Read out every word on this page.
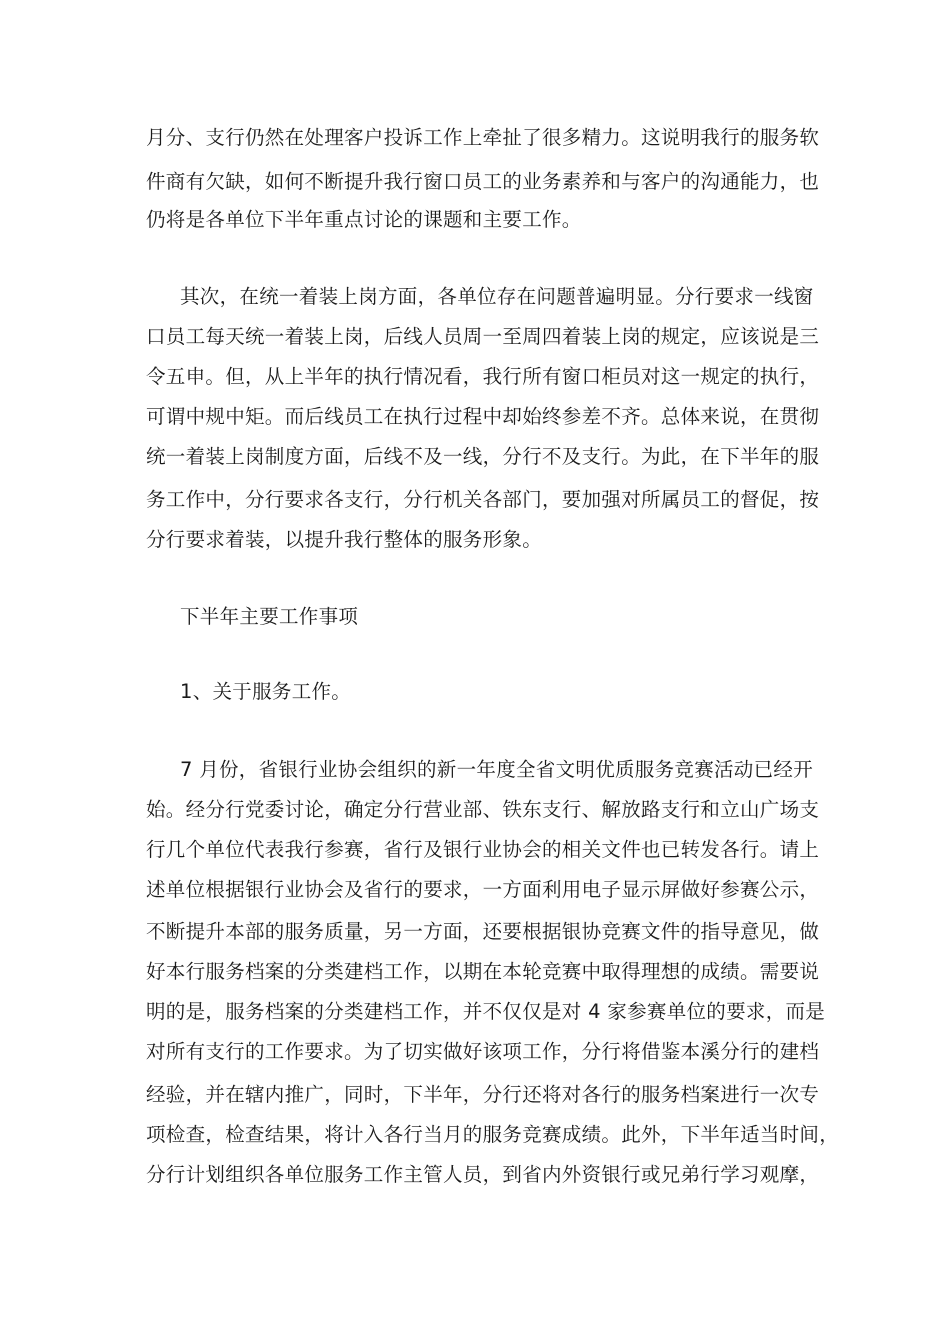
月分、支行仍然在处理客户投诉工作上牵扯了很多精力。这说明我行的服务软
件商有欠缺，如何不断提升我行窗口员工的业务素养和与客户的沟通能力，也
仍将是各单位下半年重点讨论的课题和主要工作。
其次，在统一着装上岗方面，各单位存在问题普遍明显。分行要求一线窗
口员工每天统一着装上岗，后线人员周一至周四着装上岗的规定，应该说是三
令五申。但，从上半年的执行情况看，我行所有窗口柜员对这一规定的执行，
可谓中规中矩。而后线员工在执行过程中却始终参差不齐。总体来说，在贯彻
统一着装上岗制度方面，后线不及一线，分行不及支行。为此，在下半年的服
务工作中，分行要求各支行，分行机关各部门，要加强对所属员工的督促，按
分行要求着装，以提升我行整体的服务形象。
下半年主要工作事项
1、关于服务工作。
7 月份，省银行业协会组织的新一年度全省文明优质服务竞赛活动已经开
始。经分行党委讨论，确定分行营业部、铁东支行、解放路支行和立山广场支
行几个单位代表我行参赛，省行及银行业协会的相关文件也已转发各行。请上
述单位根据银行业协会及省行的要求，一方面利用电子显示屏做好参赛公示，
不断提升本部的服务质量，另一方面，还要根据银协竞赛文件的指导意见，做
好本行服务档案的分类建档工作，以期在本轮竞赛中取得理想的成绩。需要说
明的是，服务档案的分类建档工作，并不仅仅是对 4 家参赛单位的要求，而是
对所有支行的工作要求。为了切实做好该项工作，分行将借鉴本溪分行的建档
经验，并在辖内推广，同时，下半年，分行还将对各行的服务档案进行一次专
项检查，检查结果，将计入各行当月的服务竞赛成绩。此外，下半年适当时间，
分行计划组织各单位服务工作主管人员，到省内外资银行或兄弟行学习观摩，
